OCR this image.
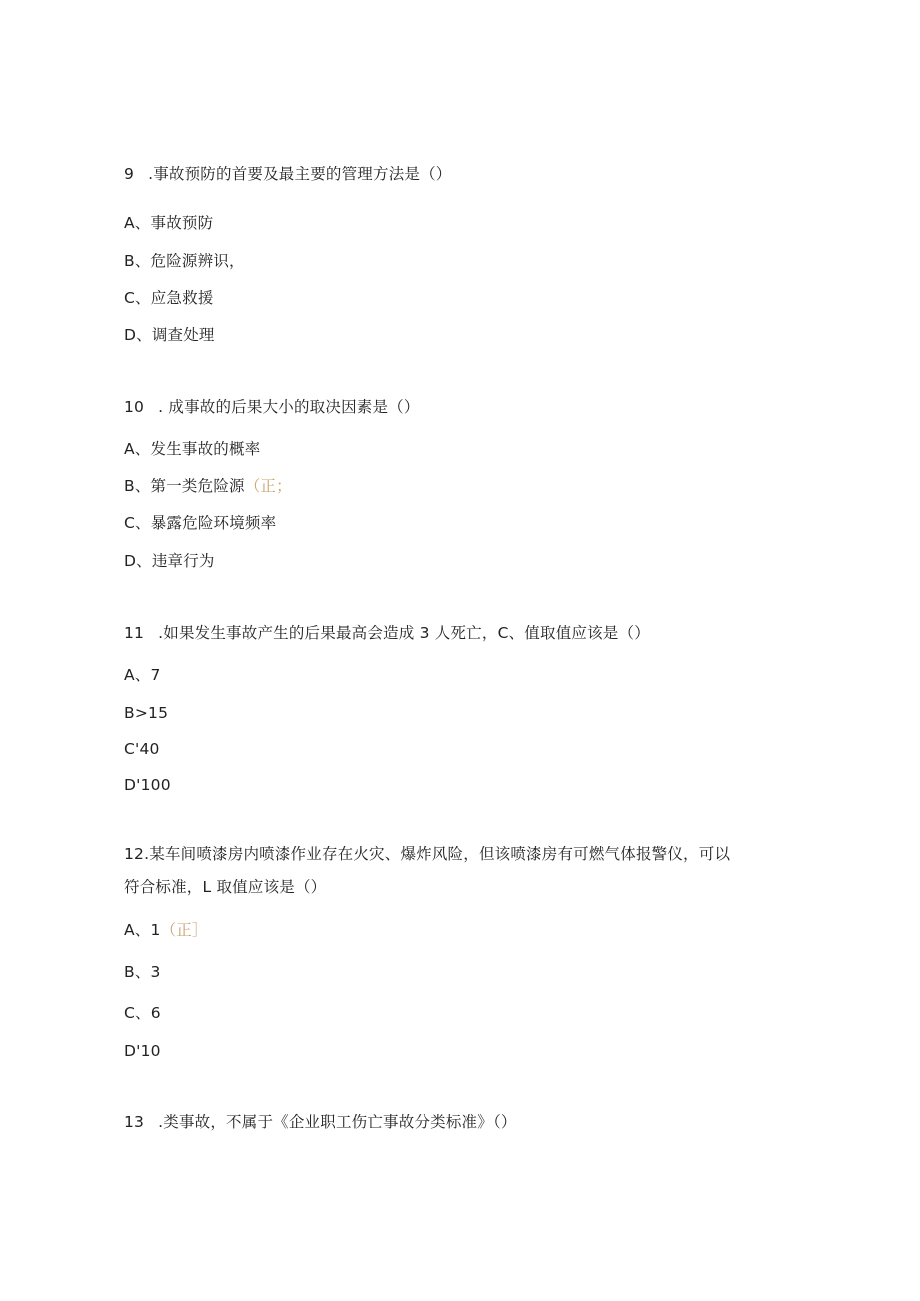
9 .事故预防的首要及最主要的管理方法是（）
A、事故预防
B、危险源辨识，
C、应急救援
D、调查处理
10 . 成事故的后果大小的取决因素是（）
A、发生事故的概率
B、第一类危险源（正；
C、暴露危险环境频率
D、违章行为
11 .如果发生事故产生的后果最高会造成 3 人死亡，C、值取值应该是（）
A、7
B>15
C'40
D'100
12.某车间喷漆房内喷漆作业存在火灾、爆炸风险，但该喷漆房有可燃气体报警仪，可以
符合标准，L 取值应该是（）
A、1（正］
B、3
C、6
D'10
13 .类事故，不属于《企业职工伤亡事故分类标准》（）
